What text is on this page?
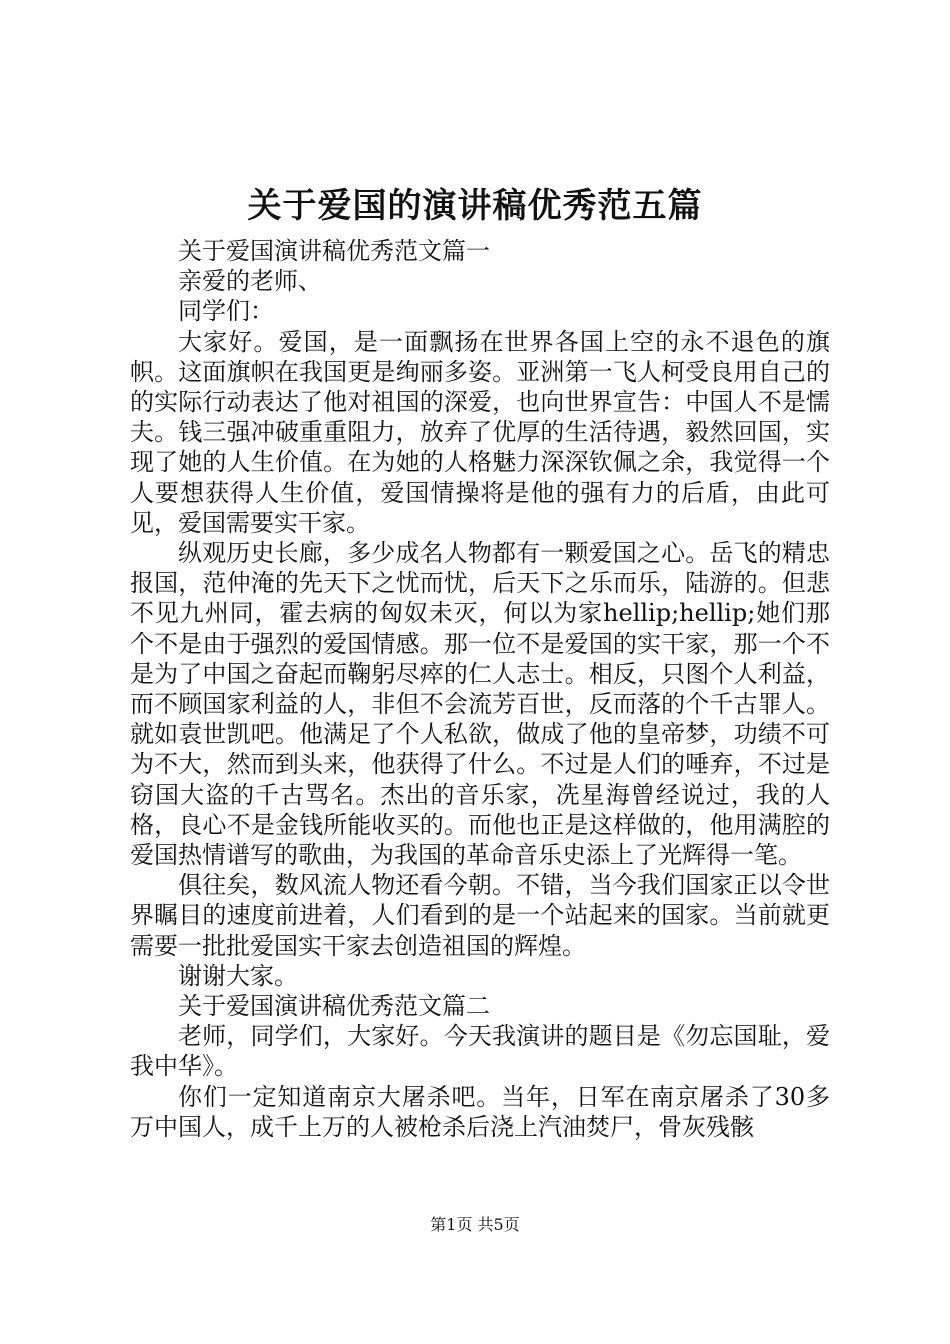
关于爱国的演讲稿优秀范五篇

关于爱国演讲稿优秀范文篇一

亲爱的老师、

同学们：

大家好。爱国，是一面飘扬在世界各国上空的永不退色的旗帜。这面旗帜在我国更是绚丽多姿。亚洲第一飞人柯受良用自己的的实际行动表达了他对祖国的深爱，也向世界宣告：中国人不是懦夫。钱三强冲破重重阻力，放弃了优厚的生活待遇，毅然回国，实现了她的人生价值。在为她的人格魅力深深钦佩之余，我觉得一个人要想获得人生价值，爱国情操将是他的强有力的后盾，由此可见，爱国需要实干家。

纵观历史长廊，多少成名人物都有一颗爱国之心。岳飞的精忠报国，范仲淹的先天下之忧而忧，后天下之乐而乐，陆游的。但悲不见九州同，霍去病的匈奴未灭，何以为家hellip;hellip;她们那个不是由于强烈的爱国情感。那一位不是爱国的实干家，那一个不是为了中国之奋起而鞠躬尽瘁的仁人志士。相反，只图个人利益，而不顾国家利益的人，非但不会流芳百世，反而落的个千古罪人。就如袁世凯吧。他满足了个人私欲，做成了他的皇帝梦，功绩不可为不大，然而到头来，他获得了什么。不过是人们的唾弃，不过是窃国大盗的千古骂名。杰出的音乐家，冼星海曾经说过，我的人格，良心不是金钱所能收买的。而他也正是这样做的，他用满腔的爱国热情谱写的歌曲，为我国的革命音乐史添上了光辉得一笔。

俱往矣，数风流人物还看今朝。不错，当今我们国家正以令世界瞩目的速度前进着，人们看到的是一个站起来的国家。当前就更需要一批批爱国实干家去创造祖国的辉煌。

谢谢大家。

关于爱国演讲稿优秀范文篇二

老师，同学们，大家好。今天我演讲的题目是《勿忘国耻，爱我中华》。

你们一定知道南京大屠杀吧。当年，日军在南京屠杀了30多万中国人，成千上万的人被枪杀后浇上汽油焚尸，骨灰残骸

第1页 共5页
